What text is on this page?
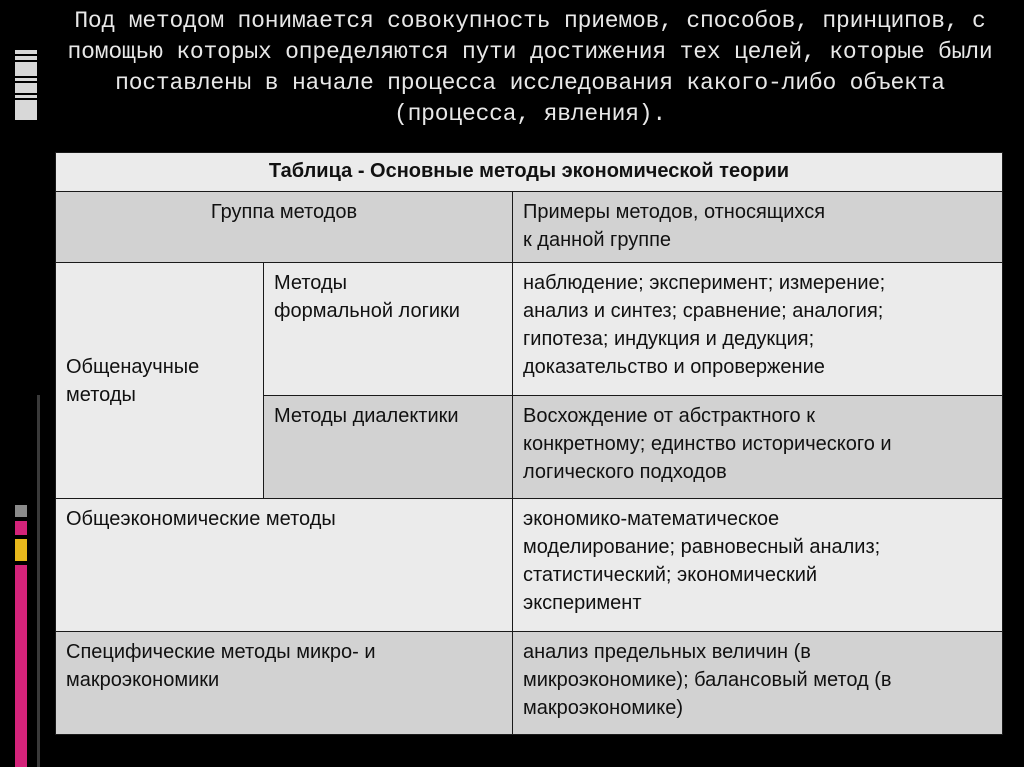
Под методом понимается совокупность приемов, способов, принципов, с помощью которых определяются пути достижения тех целей, которые были поставлены в начале процесса исследования какого-либо объекта (процесса, явления).
Таблица - Основные методы экономической теории		
Группа методов		Примеры методов, относящихся
к данной группе
Общенаучные
методы	Методы
формальной логики	наблюдение; эксперимент; измерение;
анализ и синтез; сравнение; аналогия;
гипотеза; индукция и дедукция;
доказательство и опровержение
	Методы диалектики	Восхождение от абстрактного к
конкретному; единство исторического и
логического подходов
Общеэкономические методы		экономико-математическое
моделирование; равновесный анализ;
статистический; экономический
эксперимент
Специфические методы микро- и
макроэкономики		анализ предельных величин (в
микроэкономике); балансовый метод (в
макроэкономике)
